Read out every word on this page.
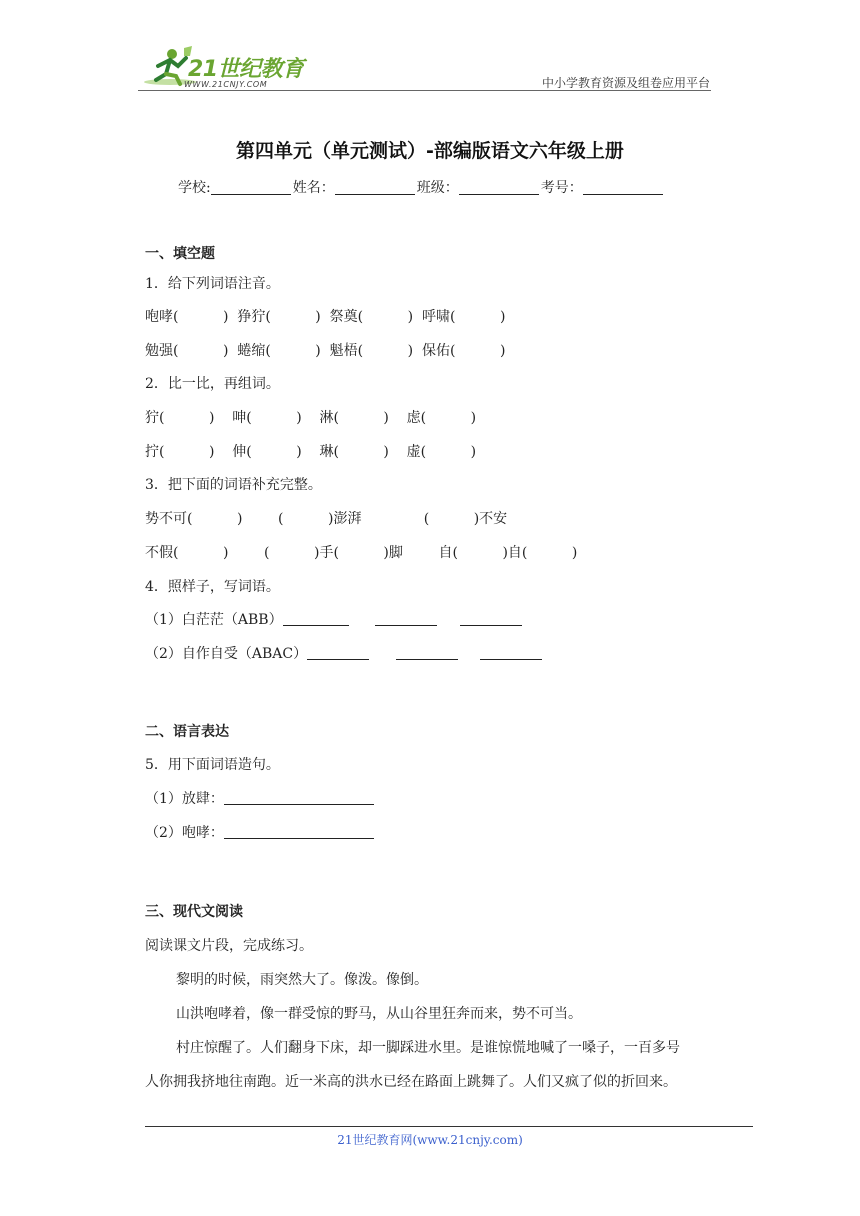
21世纪教育
WWW.21CNJY.COM	中小学教育资源及组卷应用平台
第四单元（单元测试）-部编版语文六年级上册
学校:	姓名：	班级：	考号：
一、填空题
1．给下列词语注音。
咆哮(          )  狰狞(          )  祭奠(          )  呼啸(          )
勉强(          )  蜷缩(          )  魁梧(          )  保佑(          )
2．比一比，再组词。
狞(          )    呻(          )    淋(          )    虑(          )
拧(          )    伸(          )    琳(          )    虚(          )
3．把下面的词语补充完整。
势不可(          )        (          )澎湃              (          )不安
不假(          )        (          )手(          )脚        自(          )自(          )
4．照样子，写词语。
（1）白茫茫（ABB）
（2）自作自受（ABAC）
二、语言表达
5．用下面词语造句。
（1）放肆：
（2）咆哮：
三、现代文阅读
阅读课文片段，完成练习。
黎明的时候，雨突然大了。像泼。像倒。
山洪咆哮着，像一群受惊的野马，从山谷里狂奔而来，势不可当。
村庄惊醒了。人们翻身下床，却一脚踩进水里。是谁惊慌地喊了一嗓子，一百多号
人你拥我挤地往南跑。近一米高的洪水已经在路面上跳舞了。人们又疯了似的折回来。
21世纪教育网(www.21cnjy.com)
